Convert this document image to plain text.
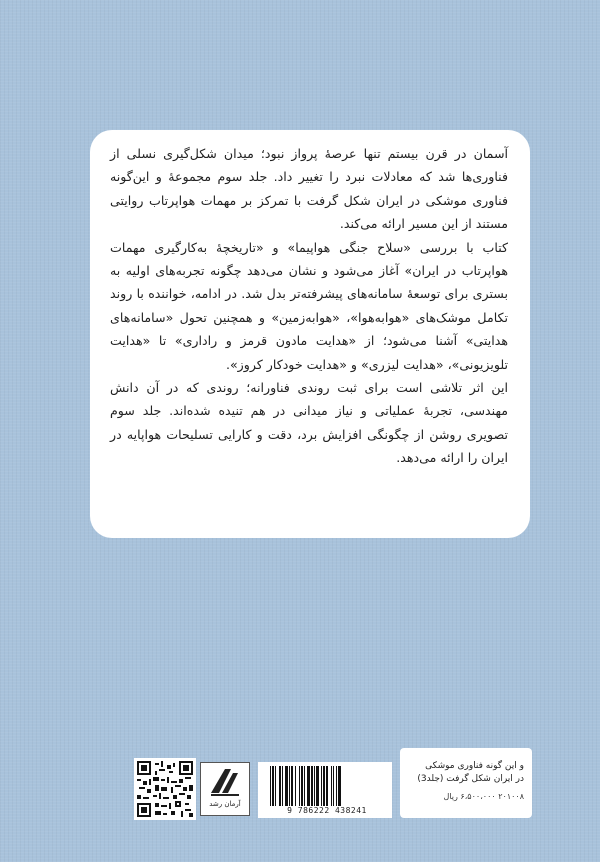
آسمان در قرن بیستم تنها عرصهٔ پرواز نبود؛ میدان شکل‌گیری نسلی از فناوری‌ها شد که معادلات نبرد را تغییر داد. جلد سوم مجموعهٔ و این‌گونه فناوری موشکی در ایران شکل گرفت با تمرکز بر مهمات هواپرتاب روایتی مستند از این مسیر ارائه می‌کند.

کتاب با بررسی «سلاح جنگی هواپیما» و «تاریخچهٔ به‌کارگیری مهمات هواپرتاب در ایران» آغاز می‌شود و نشان می‌دهد چگونه تجربه‌های اولیه به بستری برای توسعهٔ سامانه‌های پیشرفته‌تر بدل شد. در ادامه، خواننده با روند تکامل موشک‌های «هوابه‌هوا»، «هوابه‌زمین» و همچنین تحول «سامانه‌های هدایتی» آشنا می‌شود؛ از «هدایت مادون قرمز و راداری» تا «هدایت تلویزیونی»، «هدایت لیزری» و «هدایت خودکار کروز».

این اثر تلاشی است برای ثبت روندی فناورانه؛ روندی که در آن دانش مهندسی، تجربهٔ عملیاتی و نیاز میدانی در هم تنیده شده‌اند. جلد سوم تصویری روشن از چگونگی افزایش برد، دقت و کارایی تسلیحات هواپایه در ایران را ارائه می‌دهد.

آرمان رشد
9 786222 438241
و این گونه فناوری موشکی
در ایران شکل گرفت (جلد3)
۲۰۱۰۰۸ ۶،۵۰۰،۰۰۰ ریال
